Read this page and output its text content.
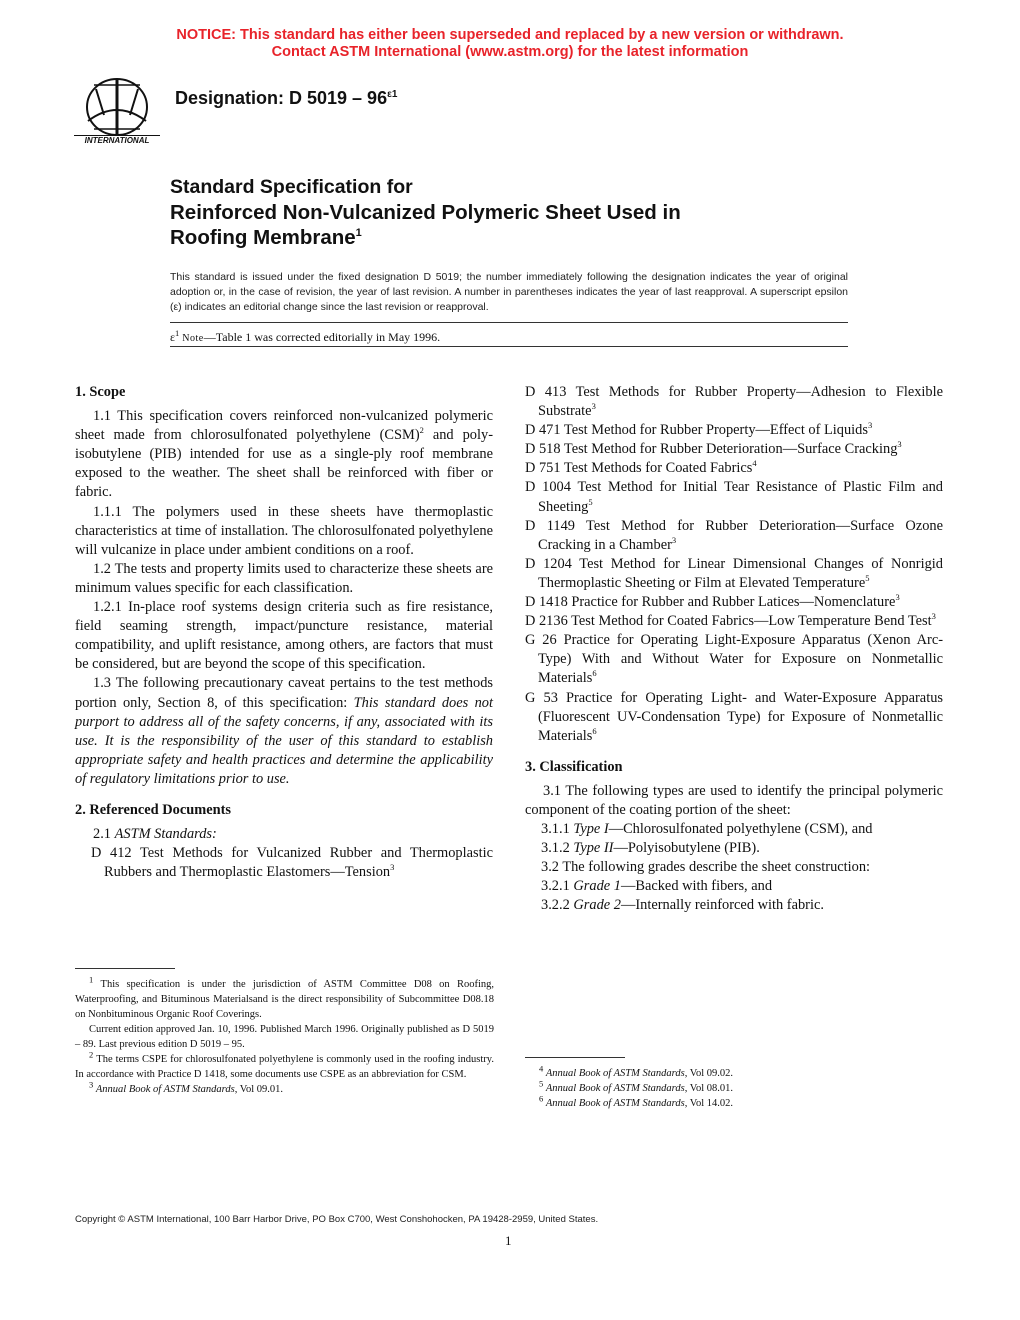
NOTICE: This standard has either been superseded and replaced by a new version or withdrawn.
Contact ASTM International (www.astm.org) for the latest information
INTERNATIONAL
Designation: D $5019 - 96^{\varepsilon 1}$
Standard Specification for
Reinforced Non-Vulcanized Polymeric Sheet Used in
Roofing Membrane$^1$
This standard is issued under the fixed designation D 5019; the number immediately following the designation indicates the year of original adoption or, in the case of revision, the year of last revision. A number in parentheses indicates the year of last reapproval. A superscript epsilon (ε) indicates an editorial change since the last revision or reapproval.
$\varepsilon^1$ Note—Table 1 was corrected editorially in May 1996.
1. Scope

1.1 This specification covers reinforced non-vulcanized polymeric sheet made from chlorosulfonated polyethylene (CSM)$^2$ and poly-isobutylene (PIB) intended for use as a single-ply roof membrane exposed to the weather. The sheet shall be reinforced with fiber or fabric.

1.1.1 The polymers used in these sheets have thermoplastic characteristics at time of installation. The chlorosulfonated polyethylene will vulcanize in place under ambient conditions on a roof.

1.2 The tests and property limits used to characterize these sheets are minimum values specific for each classification.

1.2.1 In-place roof systems design criteria such as fire resistance, field seaming strength, impact/puncture resistance, material compatibility, and uplift resistance, among others, are factors that must be considered, but are beyond the scope of this specification.

1.3 The following precautionary caveat pertains to the test methods portion only, Section 8, of this specification: This standard does not purport to address all of the safety concerns, if any, associated with its use. It is the responsibility of the user of this standard to establish appropriate safety and health practices and determine the applicability of regulatory limitations prior to use.

2. Referenced Documents

2.1 ASTM Standards:

D 412 Test Methods for Vulcanized Rubber and Thermoplastic Rubbers and Thermoplastic Elastomers—Tension$^3$

$^1$ This specification is under the jurisdiction of ASTM Committee D08 on Roofing, Waterproofing, and Bituminous Materialsand is the direct responsibility of Subcommittee D08.18 on Nonbituminous Organic Roof Coverings.

Current edition approved Jan. 10, 1996. Published March 1996. Originally published as D 5019 – 89. Last previous edition D 5019 – 95.

$^2$ The terms CSPE for chlorosulfonated polyethylene is commonly used in the roofing industry. In accordance with Practice D 1418, some documents use CSPE as an abbreviation for CSM.

$^3$ Annual Book of ASTM Standards, Vol 09.01.

D 413 Test Methods for Rubber Property—Adhesion to Flexible Substrate$^3$

D 471 Test Method for Rubber Property—Effect of Liquids$^3$

D 518 Test Method for Rubber Deterioration—Surface Cracking$^3$

D 751 Test Methods for Coated Fabrics$^4$

D 1004 Test Method for Initial Tear Resistance of Plastic Film and Sheeting$^5$

D 1149 Test Method for Rubber Deterioration—Surface Ozone Cracking in a Chamber$^3$

D 1204 Test Method for Linear Dimensional Changes of Nonrigid Thermoplastic Sheeting or Film at Elevated Temperature$^5$

D 1418 Practice for Rubber and Rubber Latices—Nomenclature$^3$

D 2136 Test Method for Coated Fabrics—Low Temperature Bend Test$^3$

G 26 Practice for Operating Light-Exposure Apparatus (Xenon Arc-Type) With and Without Water for Exposure on Nonmetallic Materials$^6$

G 53 Practice for Operating Light- and Water-Exposure Apparatus (Fluorescent UV-Condensation Type) for Exposure of Nonmetallic Materials$^6$

3. Classification

3.1 The following types are used to identify the principal polymeric component of the coating portion of the sheet:

3.1.1 Type I—Chlorosulfonated polyethylene (CSM), and

3.1.2 Type II—Polyisobutylene (PIB).

3.2 The following grades describe the sheet construction:

3.2.1 Grade 1—Backed with fibers, and

3.2.2 Grade 2—Internally reinforced with fabric.

$^4$ Annual Book of ASTM Standards, Vol 09.02.

$^5$ Annual Book of ASTM Standards, Vol 08.01.

$^6$ Annual Book of ASTM Standards, Vol 14.02.

Copyright © ASTM International, 100 Barr Harbor Drive, PO Box C700, West Conshohocken, PA 19428-2959, United States.
1
